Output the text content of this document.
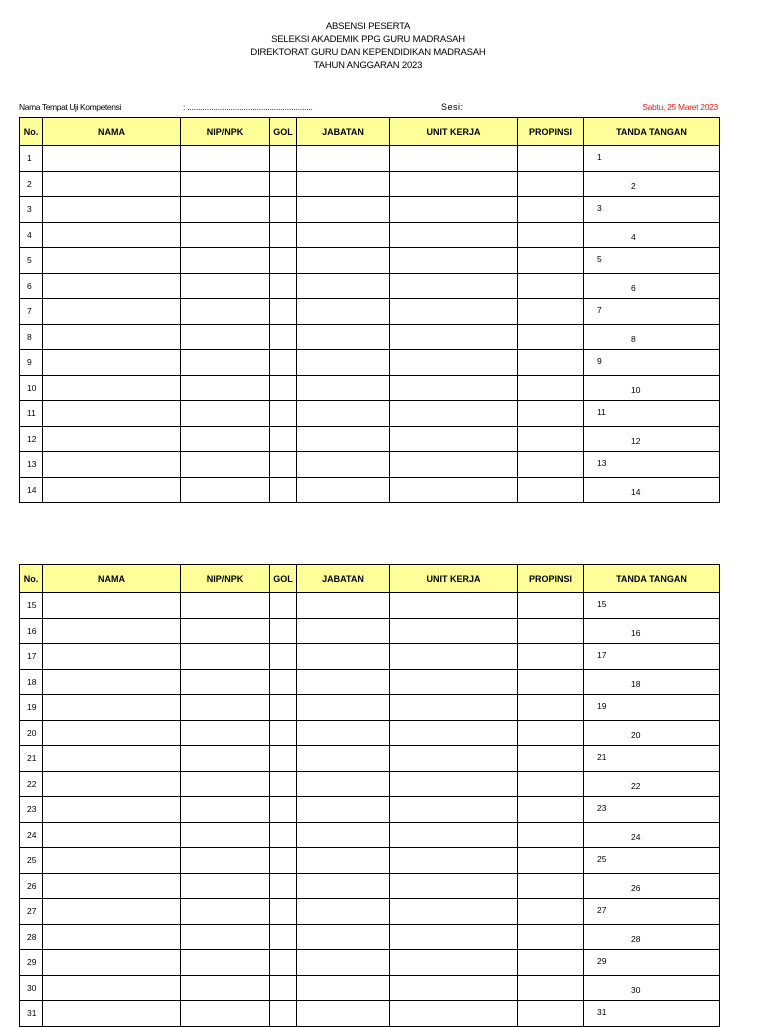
ABSENSI PESERTA
SELEKSI AKADEMIK PPG GURU MADRASAH
DIREKTORAT GURU DAN KEPENDIDIKAN MADRASAH
TAHUN ANGGARAN 2023
Nama Tempat Uji Kompetensi	: ..........................................................	Sesi:	Sabtu, 25 Maret 2023
No.	NAMA	NIP/NPK	GOL	JABATAN	UNIT KERJA	PROPINSI	TANDA TANGAN
1							1

2							2

3							3

4							4

5							5

6							6

7							7

8							8

9							9

10							10

11							11

12							12

13							13

14							14
No.	NAMA	NIP/NPK	GOL	JABATAN	UNIT KERJA	PROPINSI	TANDA TANGAN
15							15

16							16

17							17

18							18

19							19

20							20

21							21

22							22

23							23

24							24

25							25

26							26

27							27

28							28

29							29

30							30

31							31
